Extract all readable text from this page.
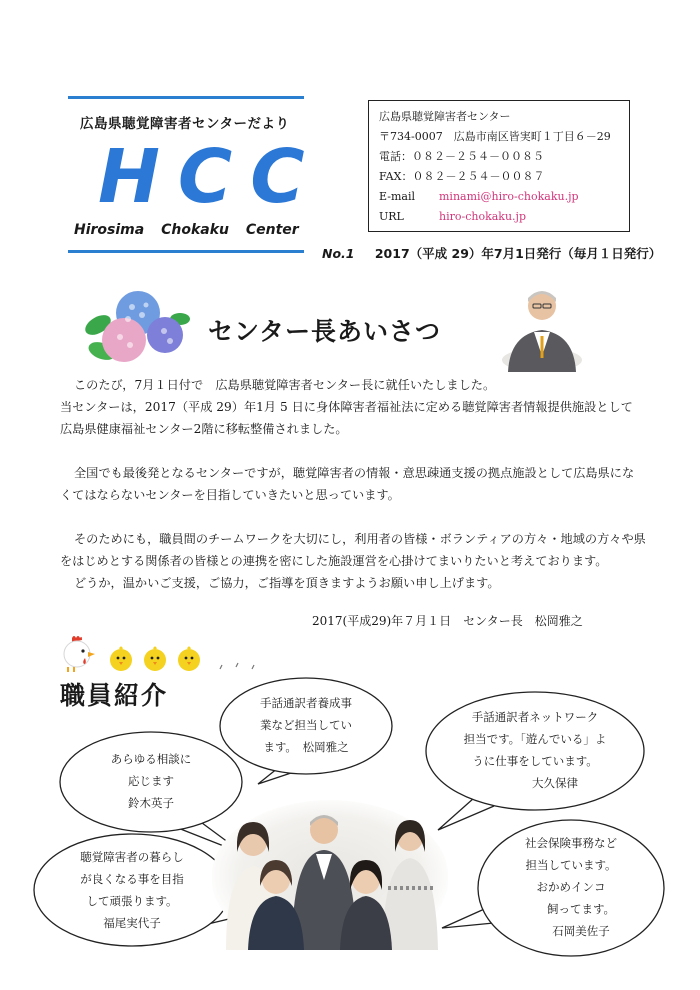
広島県聴覚障害者センターだより
HCC
Hirosima Chokaku Center
広島県聴覚障害者センター
〒734-0007　広島市南区皆実町１丁目６－29
電話： ０８２－２５４－００８５
FAX： ０８２－２５４－００８７
E-mail	minami@hiro-chokaku.jp
URL	hiro-chokaku.jp
No.1 2017（平成 29）年7月1日発行（毎月１日発行）
センター長あいさつ
このたび，7月１日付で　広島県聴覚障害者センター長に就任いたしました。
当センターは，2017（平成 29）年1月 5 日に身体障害者福祉法に定める聴覚障害者情報提供施設として
広島県健康福祉センター2階に移転整備されました。
全国でも最後発となるセンターですが，聴覚障害者の情報・意思疎通支援の拠点施設として広島県にな
くてはならないセンターを目指していきたいと思っています。
そのためにも，職員間のチームワークを大切にし，利用者の皆様・ボランティアの方々・地域の方々や県
をはじめとする関係者の皆様との連携を密にした施設運営を心掛けてまいりたいと考えております。
どうか，温かいご支援，ご協力，ご指導を頂きますようお願い申し上げます。
2017(平成29)年７月１日　センター長　松岡雅之
職員紹介	手話通訳者養成事
業など担当してい
ます。　松岡雅之
手話通訳者ネットワーク
担当です。「遊んでいる」よ
うに仕事をしています。
大久保律
あらゆる相談に
応じます
鈴木英子
聴覚障害者の暮らし
が良くなる事を目指
して頑張ります。
福尾実代子
社会保険事務など
担当しています。
おかめインコ
飼ってます。
石岡美佐子
